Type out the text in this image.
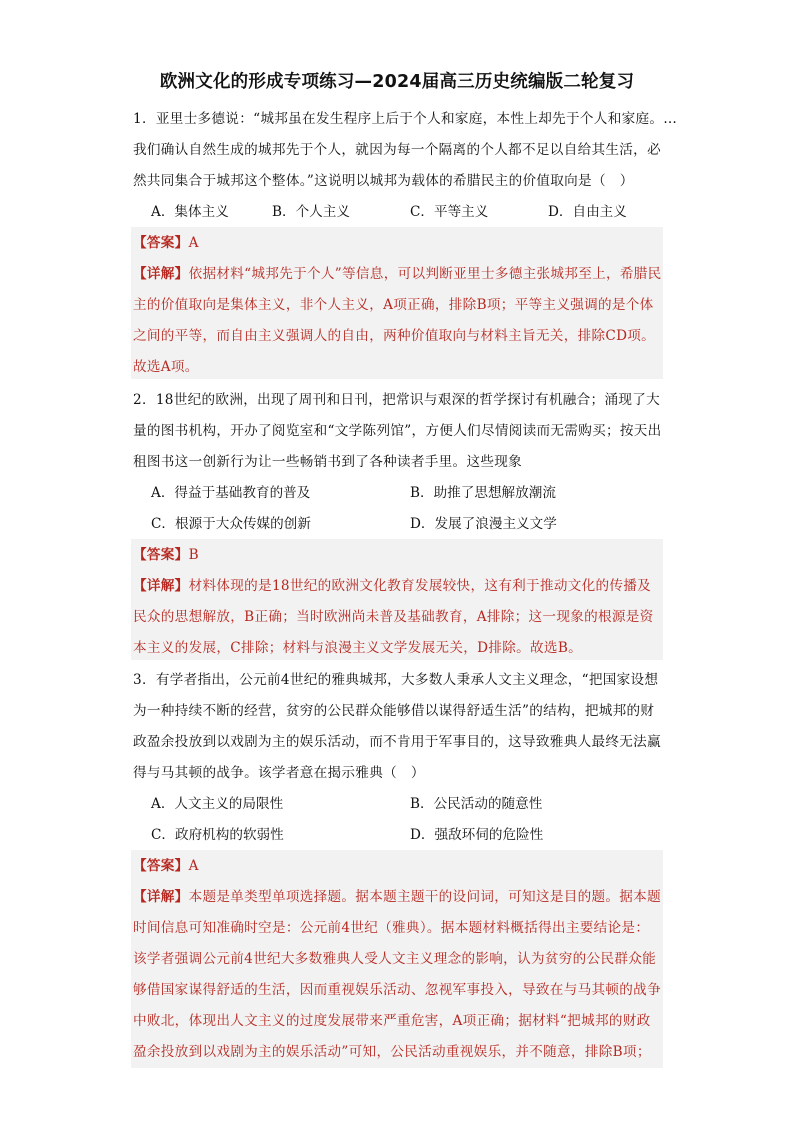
欧洲文化的形成专项练习—2024届高三历史统编版二轮复习
1．亚里士多德说：“城邦虽在发生程序上后于个人和家庭，本性上却先于个人和家庭。…
我们确认自然生成的城邦先于个人，就因为每一个隔离的个人都不足以自给其生活，必
然共同集合于城邦这个整体。”这说明以城邦为载体的希腊民主的价值取向是（　）
A．集体主义	B．个人主义	C．平等主义	D．自由主义
【答案】A
【详解】依据材料“城邦先于个人”等信息，可以判断亚里士多德主张城邦至上，希腊民
主的价值取向是集体主义，非个人主义，A项正确，排除B项；平等主义强调的是个体
之间的平等，而自由主义强调人的自由，两种价值取向与材料主旨无关，排除CD项。
故选A项。
2．18世纪的欧洲，出现了周刊和日刊，把常识与艰深的哲学探讨有机融合；涌现了大
量的图书机构，开办了阅览室和“文学陈列馆”，方便人们尽情阅读而无需购买；按天出
租图书这一创新行为让一些畅销书到了各种读者手里。这些现象
A．得益于基础教育的普及	B．助推了思想解放潮流
C．根源于大众传媒的创新	D．发展了浪漫主义文学
【答案】B
【详解】材料体现的是18世纪的欧洲文化教育发展较快，这有利于推动文化的传播及
民众的思想解放，B正确；当时欧洲尚未普及基础教育，A排除；这一现象的根源是资
本主义的发展，C排除；材料与浪漫主义文学发展无关，D排除。故选B。
3．有学者指出，公元前4世纪的雅典城邦，大多数人秉承人文主义理念，“把国家设想
为一种持续不断的经营，贫穷的公民群众能够借以谋得舒适生活”的结构，把城邦的财
政盈余投放到以戏剧为主的娱乐活动，而不肯用于军事目的，这导致雅典人最终无法赢
得与马其顿的战争。该学者意在揭示雅典（　）
A．人文主义的局限性	B．公民活动的随意性
C．政府机构的软弱性	D．强敌环伺的危险性
【答案】A
【详解】本题是单类型单项选择题。据本题主题干的设问词，可知这是目的题。据本题
时间信息可知准确时空是：公元前4世纪（雅典）。据本题材料概括得出主要结论是：
该学者强调公元前4世纪大多数雅典人受人文主义理念的影响，认为贫穷的公民群众能
够借国家谋得舒适的生活，因而重视娱乐活动、忽视军事投入，导致在与马其顿的战争
中败北，体现出人文主义的过度发展带来严重危害，A项正确；据材料“把城邦的财政
盈余投放到以戏剧为主的娱乐活动”可知，公民活动重视娱乐，并不随意，排除B项；
